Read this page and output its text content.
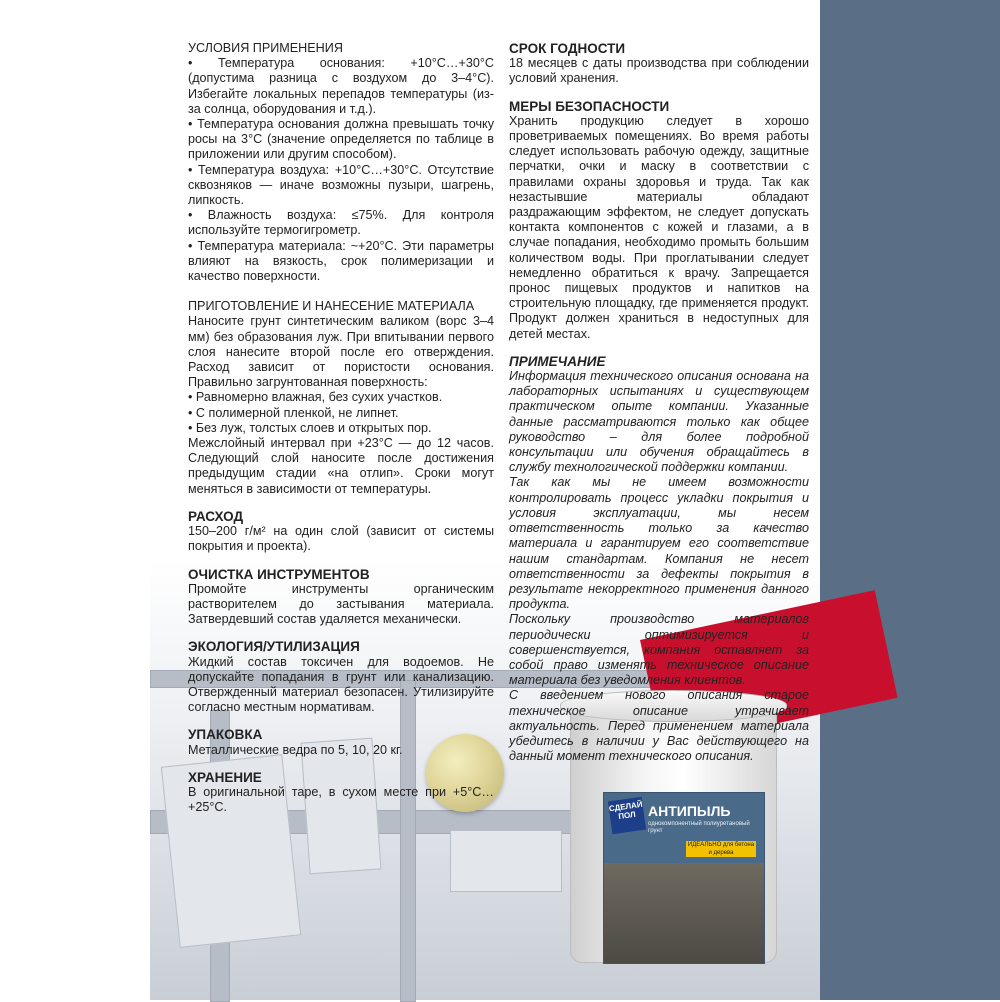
СДЕЛАЙ ПОЛ АНТИПЫЛЬ
однокомпонентный полиуретановый грунт
ИДЕАЛЬНО для бетона и дерева

УСЛОВИЯ ПРИМЕНЕНИЯ

• Температура основания: +10°C…+30°С (допустима разница с воздухом до 3–4°С). Избегайте локальных перепадов температуры (из-за солнца, оборудования и т.д.).

• Температура основания должна превышать точку росы на 3°С (значение определяется по таблице в приложении или другим способом).

• Температура воздуха: +10°С…+30°С. Отсутствие сквозняков — иначе возможны пузыри, шагрень, липкость.

• Влажность воздуха: ≤75%. Для контроля используйте термогигрометр.

• Температура материала: ~+20°С. Эти параметры влияют на вязкость, срок полимеризации и качество поверхности.

ПРИГОТОВЛЕНИЕ И НАНЕСЕНИЕ МАТЕРИАЛА

Наносите грунт синтетическим валиком (ворс 3–4 мм) без образования луж. При впитывании первого слоя нанесите второй после его отверждения. Расход зависит от пористости основания. Правильно загрунтованная поверхность:

• Равномерно влажная, без сухих участков.

• С полимерной пленкой, не липнет.

• Без луж, толстых слоев и открытых пор.

Межслойный интервал при +23°С — до 12 часов. Следующий слой наносите после достижения предыдущим стадии «на отлип». Сроки могут меняться в зависимости от температуры.

РАСХОД

150–200 г/м² на один слой (зависит от системы покрытия и проекта).

ОЧИСТКА ИНСТРУМЕНТОВ

Промойте инструменты органическим растворителем до застывания материала. Затвердевший состав удаляется механически.

ЭКОЛОГИЯ/УТИЛИЗАЦИЯ

Жидкий состав токсичен для водоемов. Не допускайте попадания в грунт или канализацию. Отвержденный материал безопасен. Утилизируйте согласно местным нормативам.

УПАКОВКА

Металлические ведра по 5, 10, 20 кг.

ХРАНЕНИЕ

В оригинальной таре, в сухом месте при +5°С…+25°С.

СРОК ГОДНОСТИ

18 месяцев с даты производства при соблюдении условий хранения.

МЕРЫ БЕЗОПАСНОСТИ

Хранить продукцию следует в хорошо проветриваемых помещениях. Во время работы следует использовать рабочую одежду, защитные перчатки, очки и маску в соответствии с правилами охраны здоровья и труда. Так как незастывшие материалы обладают раздражающим эффектом, не следует допускать контакта компонентов с кожей и глазами, а в случае попадания, необходимо промыть большим количеством воды. При проглатывании следует немедленно обратиться к врачу. Запрещается пронос пищевых продуктов и напитков на строительную площадку, где применяется продукт. Продукт должен храниться в недоступных для детей местах.

ПРИМЕЧАНИЕ

Информация технического описания основана на лабораторных испытаниях и существующем практическом опыте компании. Указанные данные рассматриваются только как общее руководство – для более подробной консультации или обучения обращайтесь в службу технологической поддержки компании.

Так как мы не имеем возможности контролировать процесс укладки покрытия и условия эксплуатации, мы несем ответственность только за качество материала и гарантируем его соответствие нашим стандартам. Компания не несет ответственности за дефекты покрытия в результате некорректного применения данного продукта.

Поскольку производство материалов периодически оптимизируется и совершенствуется, компания оставляет за собой право изменять техническое описание материала без уведомления клиентов.

С введением нового описания старое техническое описание утрачивает актуальность. Перед применением материала убедитесь в наличии у Вас действующего на данный момент технического описания.
